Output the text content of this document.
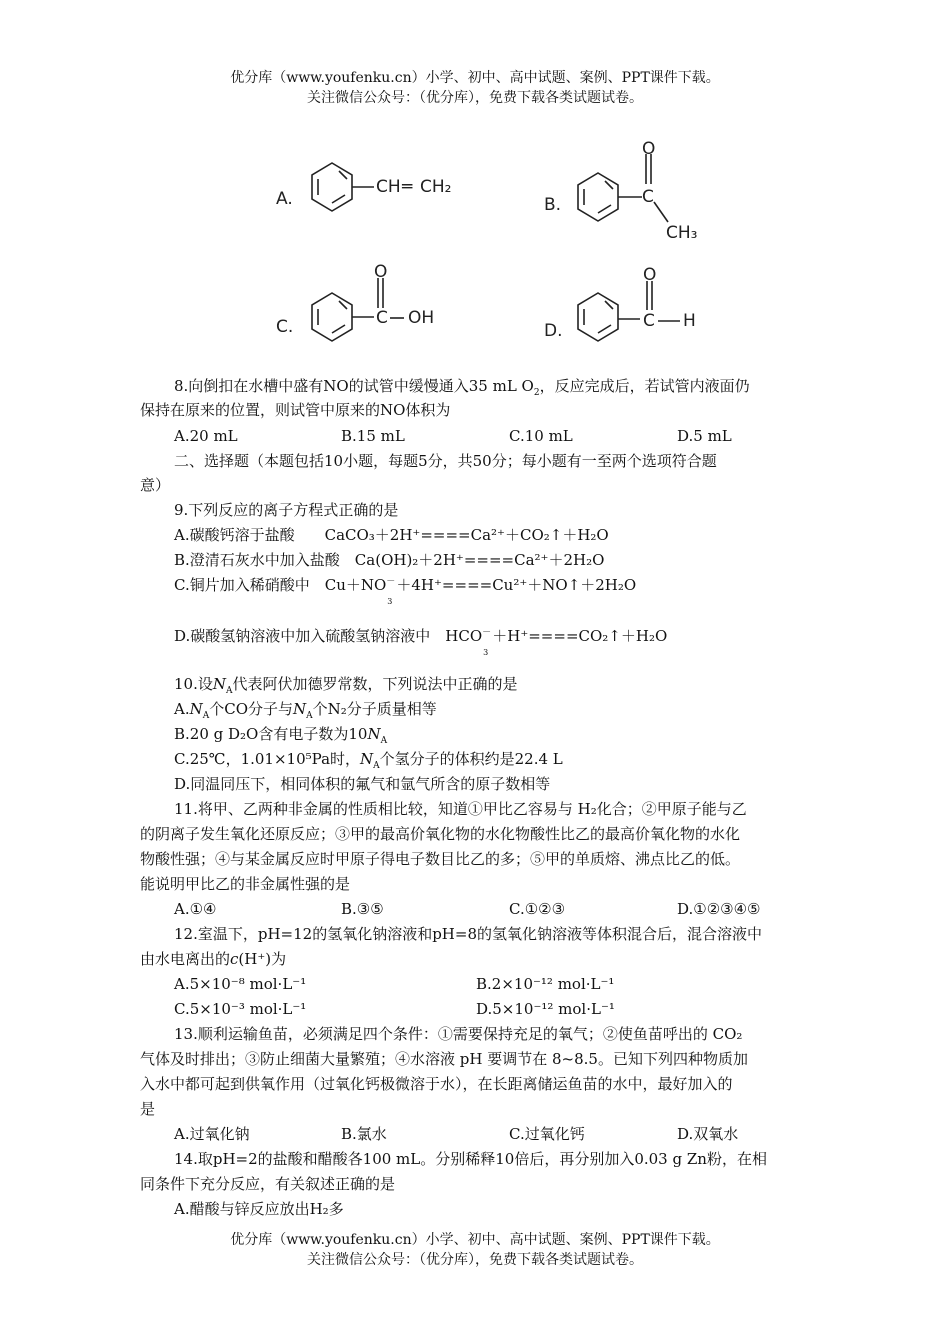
优分库（www.youfenku.cn）小学、初中、高中试题、案例、PPT课件下载。
关注微信公众号：（优分库），免费下载各类试题试卷。
A.
CH ═ CH₂
B.
O
C
CH₃
C.
O
C OH
D.
O
C H
8.向倒扣在水槽中盛有NO的试管中缓慢通入35 mL $O_2$，反应完成后，若试管内液面仍
保持在原来的位置，则试管中原来的NO体积为
A.20 mL	B.15 mL	C.10 mL	D.5 mL
二、选择题（本题包括10小题，每题5分，共50分；每小题有一至两个选项符合题
意）
9.下列反应的离子方程式正确的是
A.碳酸钙溶于盐酸　　CaCO₃＋2H⁺====Ca²⁺＋CO₂↑＋H₂O
B.澄清石灰水中加入盐酸　Ca(OH)₂＋2H⁺====Ca²⁺＋2H₂O
C.铜片加入稀硝酸中　$Cu+NO^-_3+4H^+====Cu^{2+}+NO↑+2H_2O$
D.碳酸氢钠溶液中加入硫酸氢钠溶液中　$HCO^-_3+H^+====CO_2↑+H_2O$
10.设$N_A$代表阿伏加德罗常数，下列说法中正确的是
$A.N_A$个CO分子与$N_A$个N₂分子质量相等
B.20 g D₂O含有电子数为$10N_A$
C.25℃，1.01×10⁵Pa时，$N_A$个氢分子的体积约是22.4 L
D.同温同压下，相同体积的氟气和氩气所含的原子数相等
11.将甲、乙两种非金属的性质相比较，知道①甲比乙容易与 H₂化合；②甲原子能与乙
的阴离子发生氧化还原反应；③甲的最高价氧化物的水化物酸性比乙的最高价氧化物的水化
物酸性强；④与某金属反应时甲原子得电子数目比乙的多；⑤甲的单质熔、沸点比乙的低。
能说明甲比乙的非金属性强的是
A.①④	B.③⑤	C.①②③	D.①②③④⑤
12.室温下，pH=12的氢氧化钠溶液和pH=8的氢氧化钠溶液等体积混合后，混合溶液中
由水电离出的c(H⁺)为
A.5×10⁻⁸ mol·L⁻¹	B.2×10⁻¹² mol·L⁻¹
C.5×10⁻³ mol·L⁻¹	D.5×10⁻¹² mol·L⁻¹
13.顺利运输鱼苗，必须满足四个条件：①需要保持充足的氧气；②使鱼苗呼出的 CO₂
气体及时排出；③防止细菌大量繁殖；④水溶液 pH 要调节在 8~8.5。已知下列四种物质加
入水中都可起到供氧作用（过氧化钙极微溶于水），在长距离储运鱼苗的水中，最好加入的
是
A.过氧化钠	B.氯水	C.过氧化钙	D.双氧水
14.取pH=2的盐酸和醋酸各100 mL。分别稀释10倍后，再分别加入0.03 g Zn粉，在相
同条件下充分反应，有关叙述正确的是
A.醋酸与锌反应放出H₂多
优分库（www.youfenku.cn）小学、初中、高中试题、案例、PPT课件下载。
关注微信公众号：（优分库），免费下载各类试题试卷。
